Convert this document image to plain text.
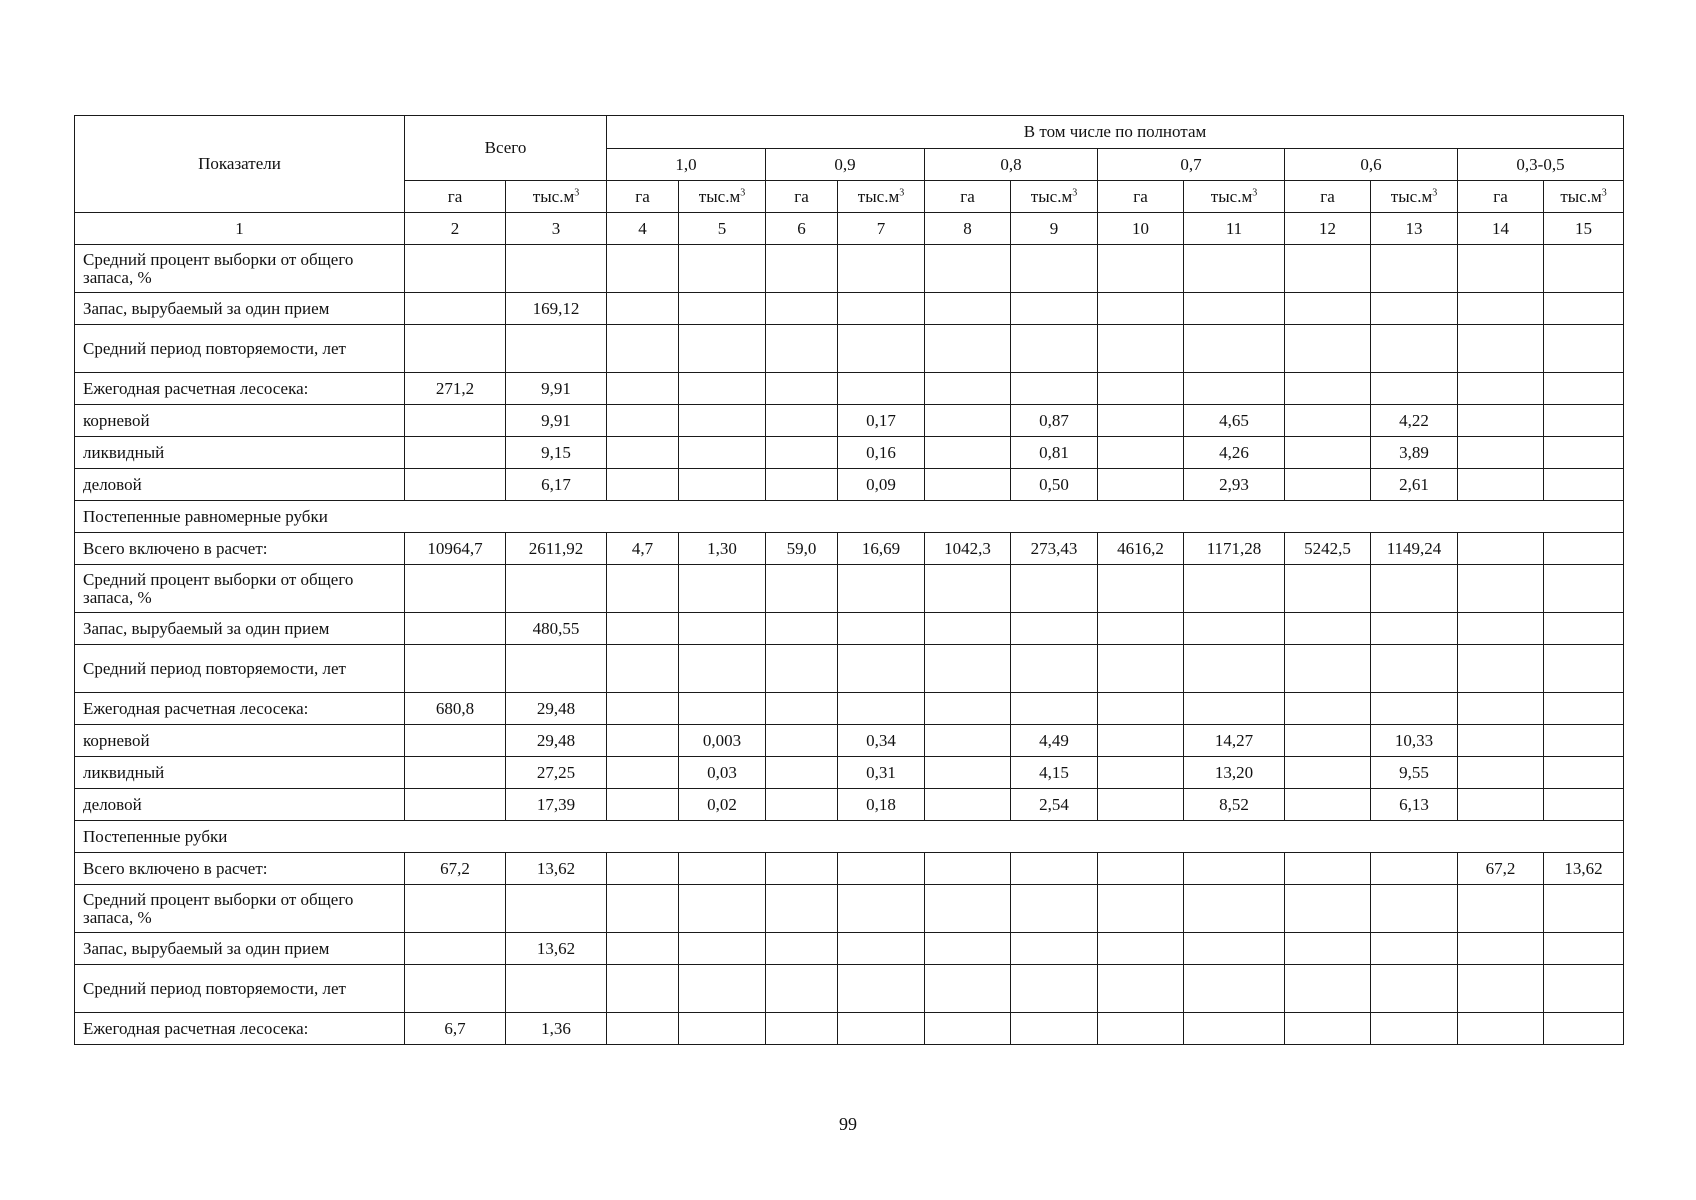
Показатели	Всего		В том числе по полнотам											
			1,0		0,9		0,8		0,7		0,6		0,3-0,5	
	га	$тыс.м^3$	га	$тыс.м^3$	га	$тыс.м^3$	га	$тыс.м^3$	га	$тыс.м^3$	га	$тыс.м^3$	га	$тыс.м^3$
1	2	3	4	5	6	7	8	9	10	11	12	13	14	15
Средний процент выборки от общего запаса, %														
Запас, вырубаемый за один прием		169,12												
Средний период повторяемости, лет														
Ежегодная расчетная лесосека:	271,2	9,91												
корневой		9,91				0,17		0,87		4,65		4,22		
ликвидный		9,15				0,16		0,81		4,26		3,89		
деловой		6,17				0,09		0,50		2,93		2,61		
Постепенные равномерные рубки														
Всего включено в расчет:	10964,7	2611,92	4,7	1,30	59,0	16,69	1042,3	273,43	4616,2	1171,28	5242,5	1149,24		
Средний процент выборки от общего запаса, %														
Запас, вырубаемый за один прием		480,55												
Средний период повторяемости, лет														
Ежегодная расчетная лесосека:	680,8	29,48												
корневой		29,48		0,003		0,34		4,49		14,27		10,33		
ликвидный		27,25		0,03		0,31		4,15		13,20		9,55		
деловой		17,39		0,02		0,18		2,54		8,52		6,13		
Постепенные рубки														
Всего включено в расчет:	67,2	13,62											67,2	13,62
Средний процент выборки от общего запаса, %														
Запас, вырубаемый за один прием		13,62												
Средний период повторяемости, лет														
Ежегодная расчетная лесосека:	6,7	1,36												
99
